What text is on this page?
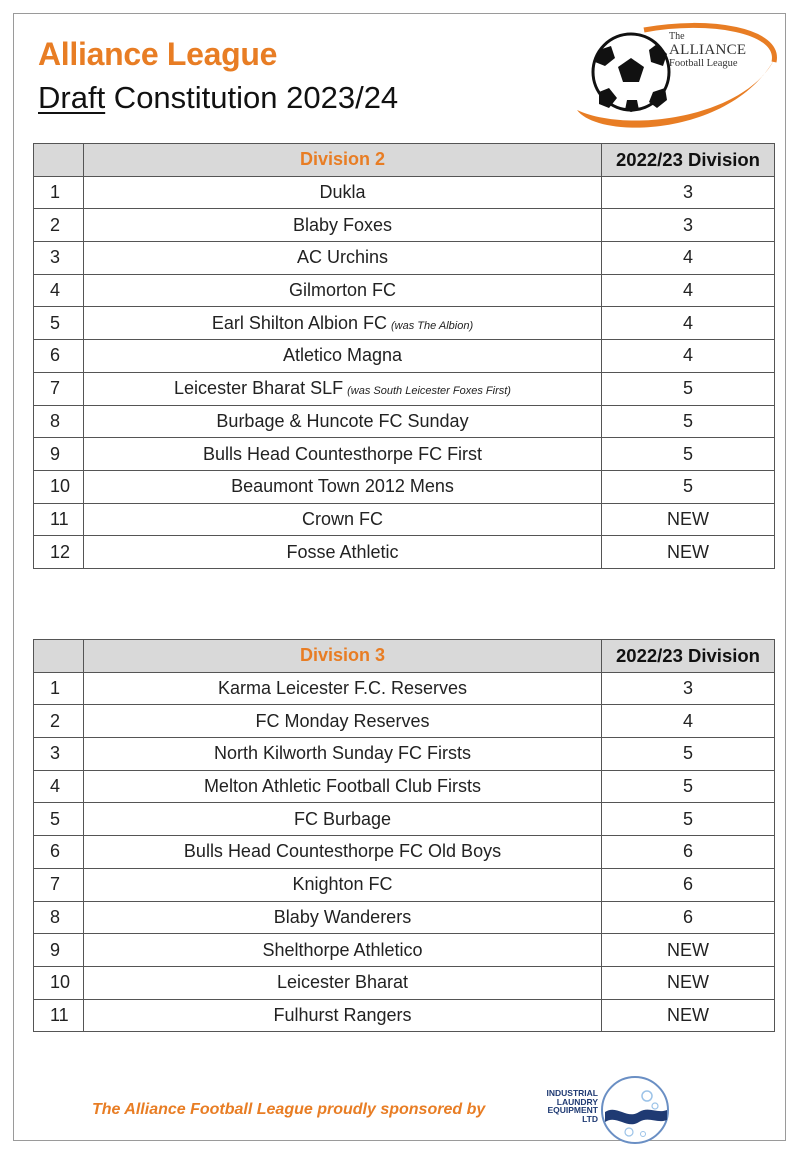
Alliance League
Draft Constitution 2023/24
The
ALLIANCE
Football League
	Division 2	2022/23 Division
1	Dukla	3
2	Blaby Foxes	3
3	AC Urchins	4
4	Gilmorton FC	4
5	Earl Shilton Albion FC (was The Albion)	4
6	Atletico Magna	4
7	Leicester Bharat SLF (was South Leicester Foxes First)	5
8	Burbage & Huncote FC Sunday	5
9	Bulls Head Countesthorpe FC First	5
10	Beaumont Town 2012 Mens	5
11	Crown FC	NEW
12	Fosse Athletic	NEW
	Division 3	2022/23 Division
1	Karma Leicester F.C. Reserves	3
2	FC Monday Reserves	4
3	North Kilworth Sunday FC Firsts	5
4	Melton Athletic Football Club Firsts	5
5	FC Burbage	5
6	Bulls Head Countesthorpe FC Old Boys	6
7	Knighton FC	6
8	Blaby Wanderers	6
9	Shelthorpe Athletico	NEW
10	Leicester Bharat	NEW
11	Fulhurst Rangers	NEW
The Alliance Football League proudly sponsored by
INDUSTRIAL
LAUNDRY
EQUIPMENT
LTD
